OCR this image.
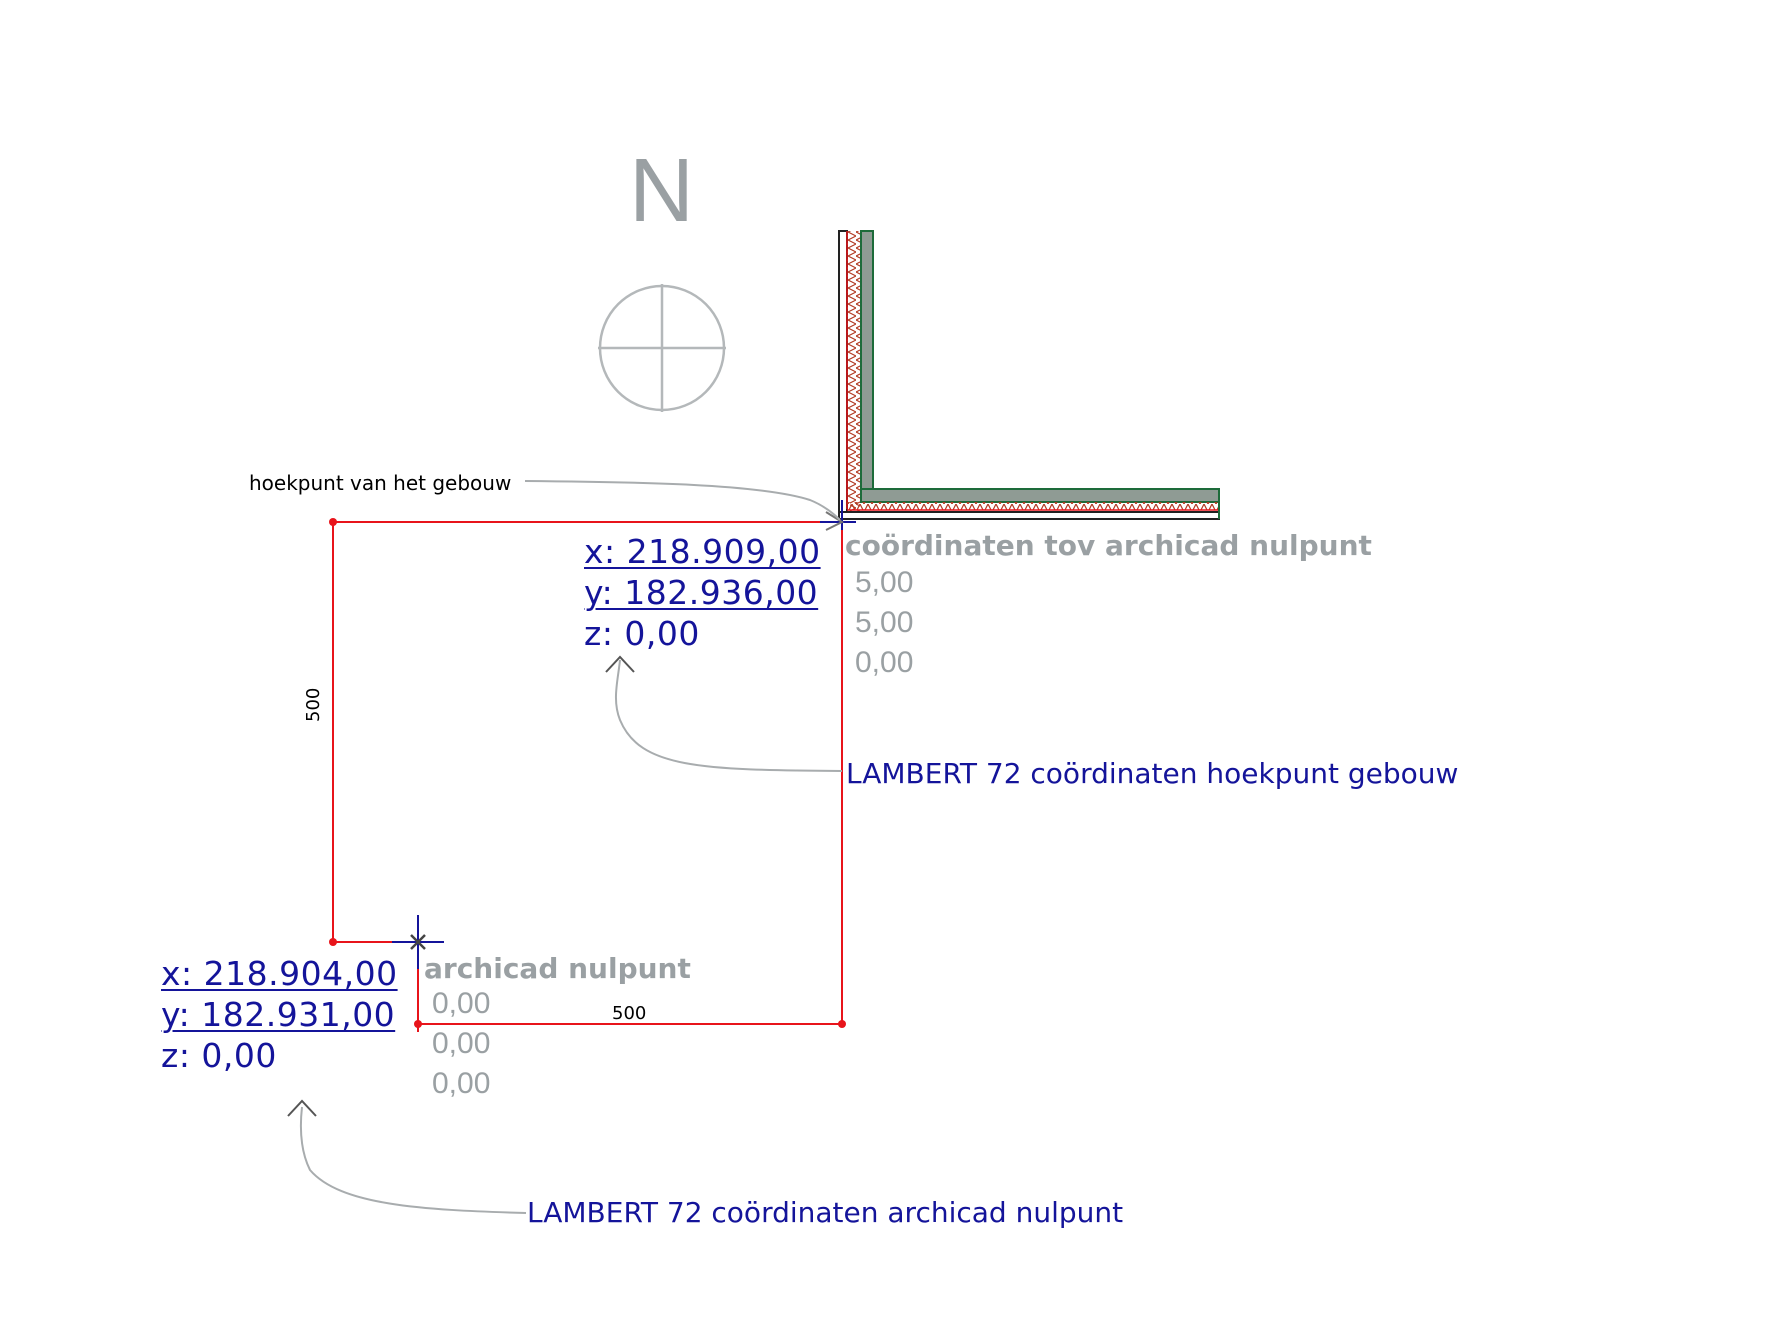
N
hoekpunt van het gebouw
x: 218.909,00
y: 182.936,00
z: 0,00
coördinaten tov archicad nulpunt
5,00
5,00
0,00
LAMBERT 72 coördinaten hoekpunt gebouw
500
500
x: 218.904,00
y: 182.931,00
z: 0,00
archicad nulpunt
0,00
0,00
0,00
LAMBERT 72 coördinaten archicad nulpunt
